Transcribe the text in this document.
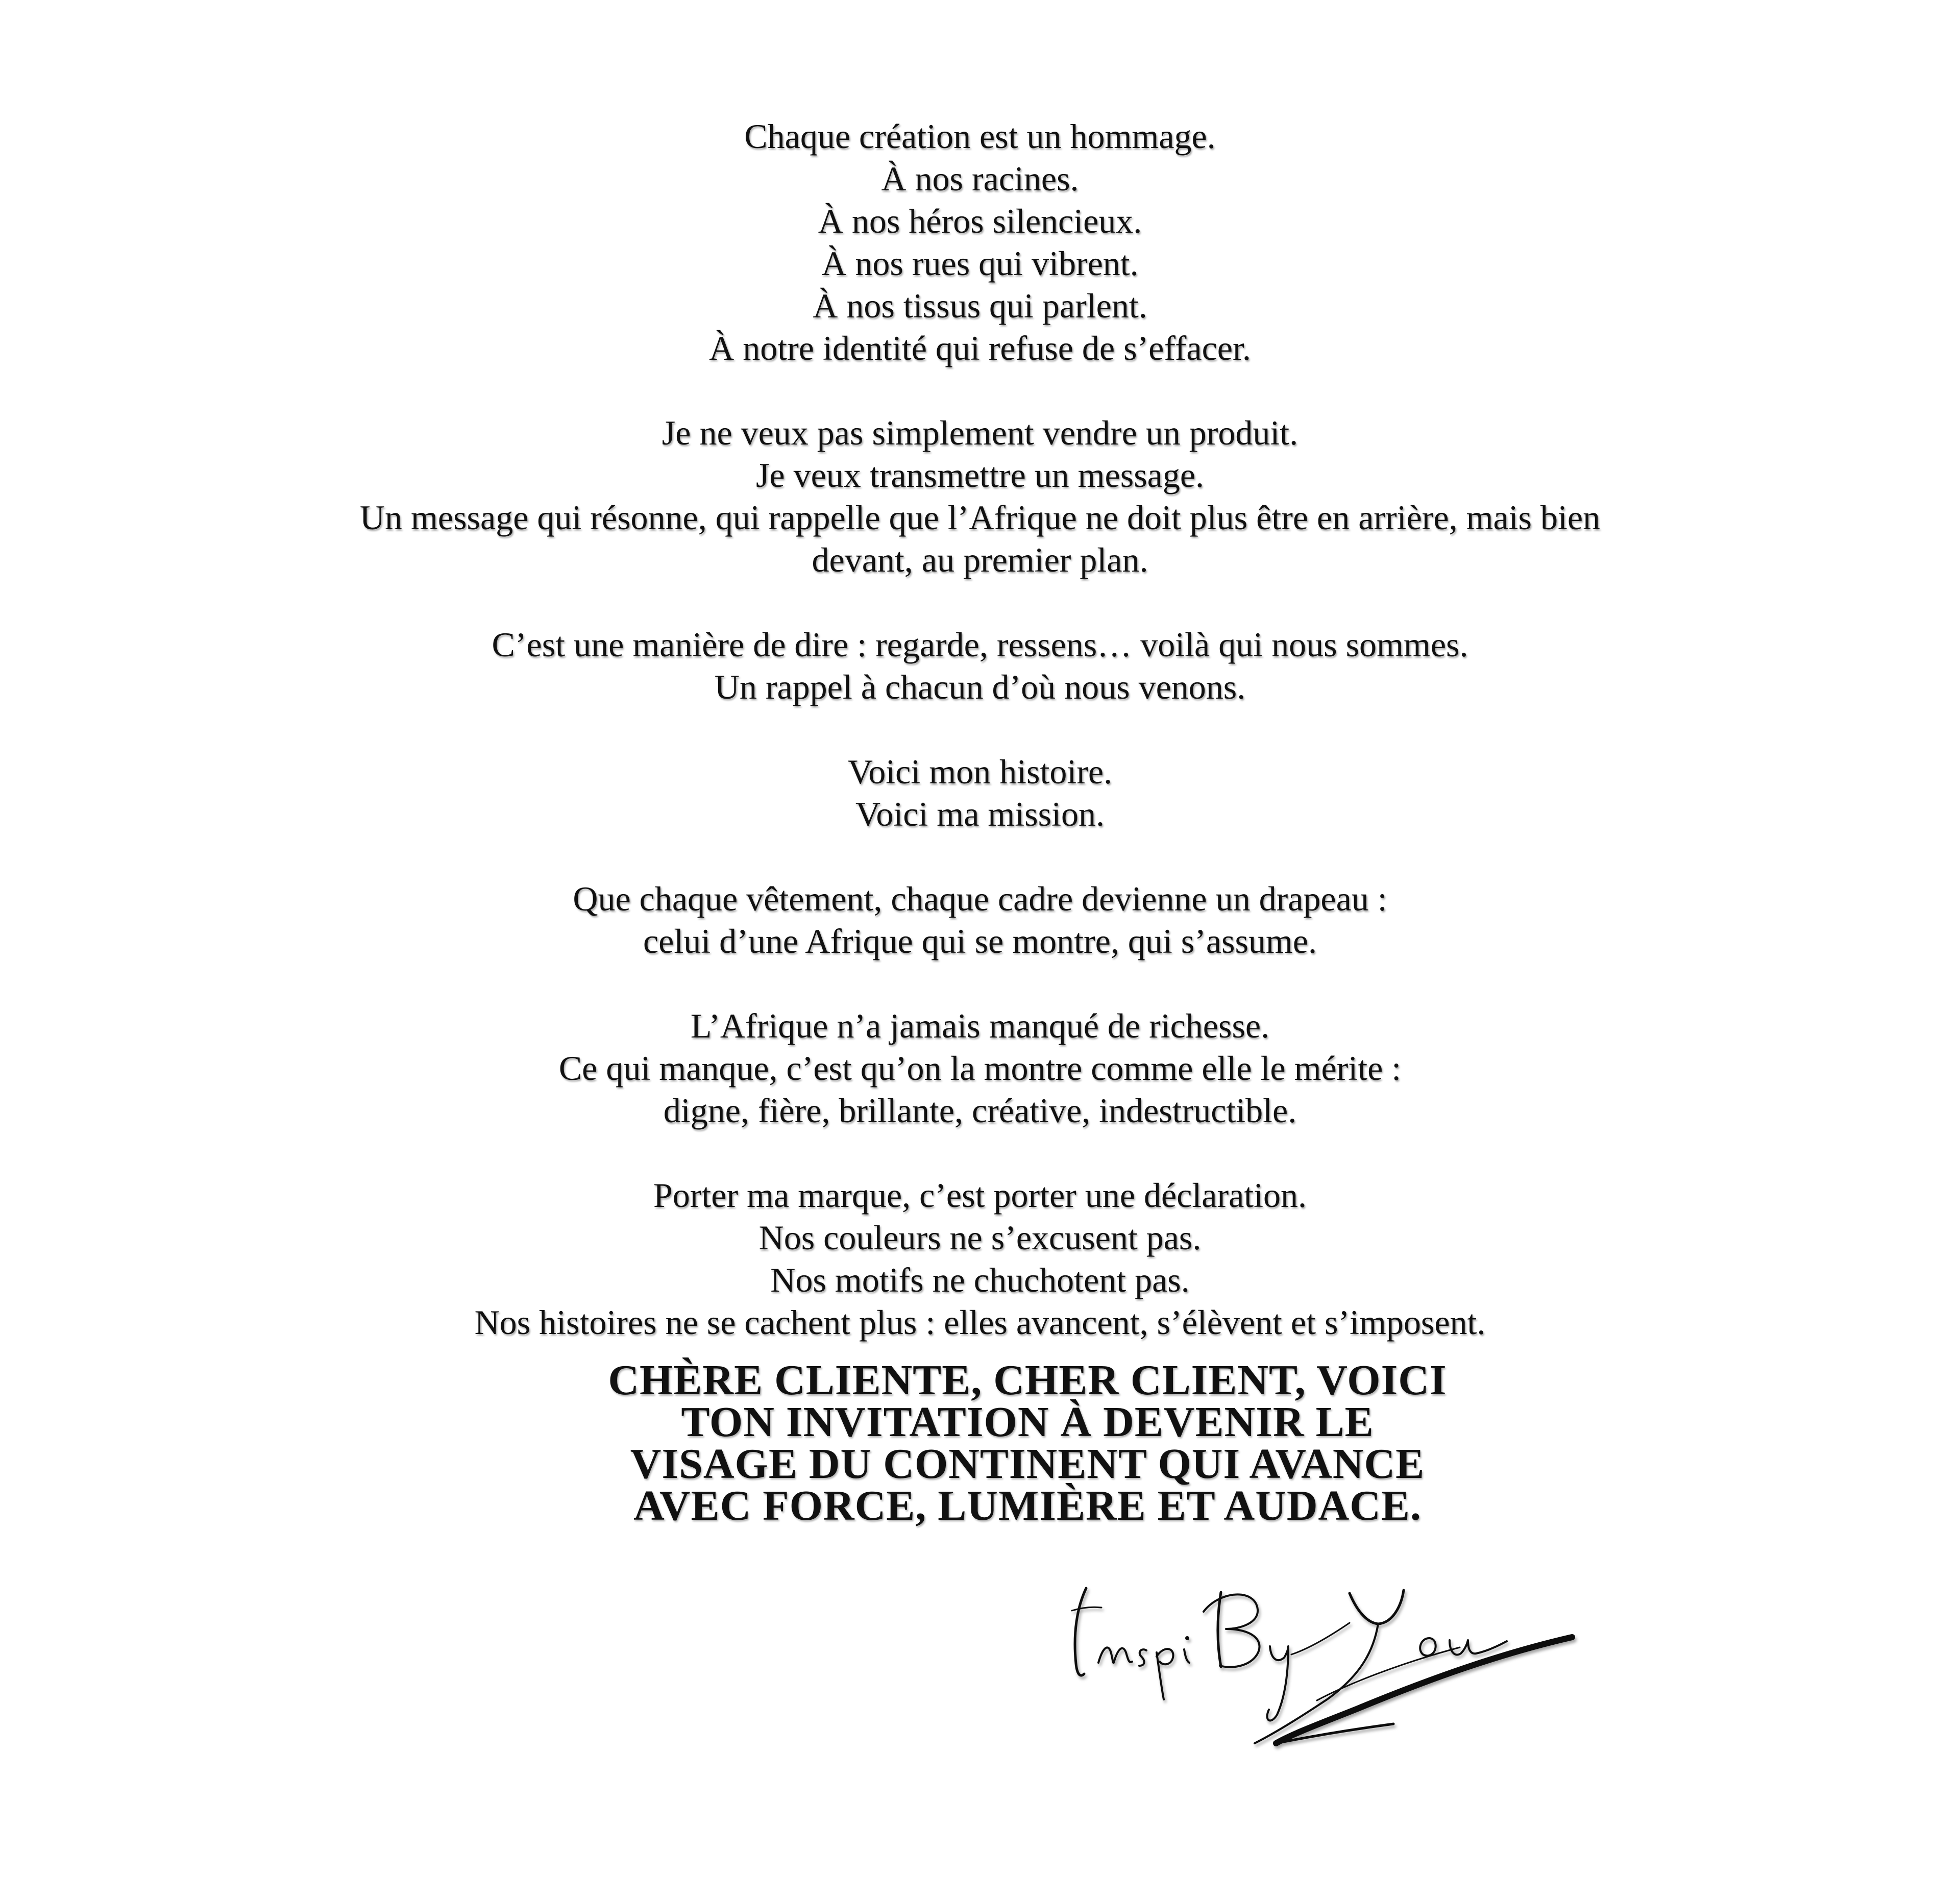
Chaque création est un hommage.
À nos racines.
À nos héros silencieux.
À nos rues qui vibrent.
À nos tissus qui parlent.
À notre identité qui refuse de s’effacer.
Je ne veux pas simplement vendre un produit.
Je veux transmettre un message.
Un message qui résonne, qui rappelle que l’Afrique ne doit plus être en arrière, mais bien
devant, au premier plan.
C’est une manière de dire : regarde, ressens… voilà qui nous sommes.
Un rappel à chacun d’où nous venons.
Voici mon histoire.
Voici ma mission.
Que chaque vêtement, chaque cadre devienne un drapeau :
celui d’une Afrique qui se montre, qui s’assume.
L’Afrique n’a jamais manqué de richesse.
Ce qui manque, c’est qu’on la montre comme elle le mérite :
digne, fière, brillante, créative, indestructible.
Porter ma marque, c’est porter une déclaration.
Nos couleurs ne s’excusent pas.
Nos motifs ne chuchotent pas.
Nos histoires ne se cachent plus : elles avancent, s’élèvent et s’imposent.
CHÈRE CLIENTE, CHER CLIENT, VOICI
TON INVITATION À DEVENIR LE
VISAGE DU CONTINENT QUI AVANCE
AVEC FORCE, LUMIÈRE ET AUDACE.
